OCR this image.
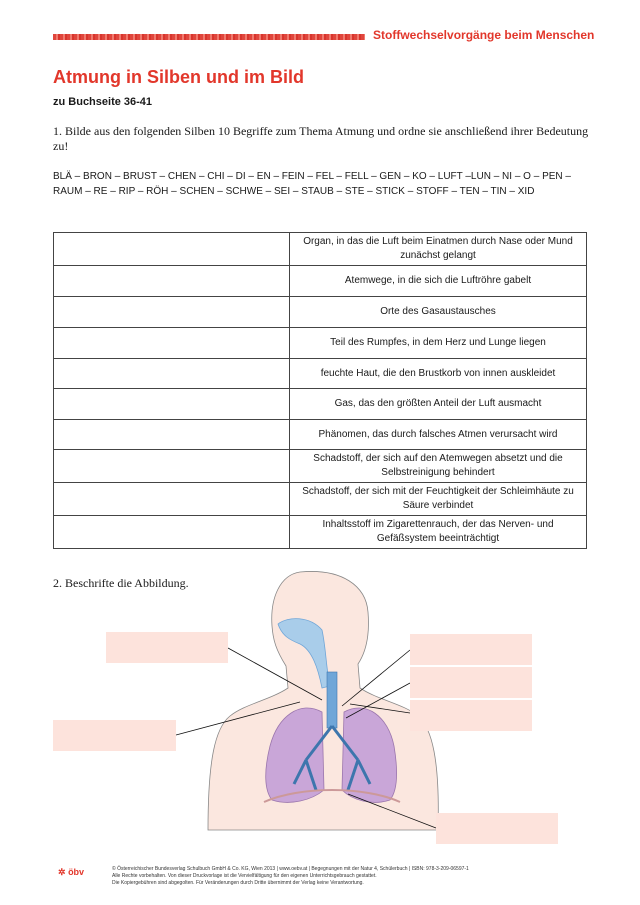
Stoffwechselvorgänge beim Menschen
Atmung in Silben und im Bild
zu Buchseite 36-41
1. Bilde aus den folgenden Silben 10 Begriffe zum Thema Atmung und ordne sie anschließend ihrer Bedeutung zu!
BLÄ – BRON – BRUST – CHEN – CHI – DI – EN – FEIN – FEL – FELL – GEN – KO – LUFT –LUN – NI – O – PEN – RAUM – RE – RIP – RÖH – SCHEN – SCHWE – SEI – STAUB – STE – STICK – STOFF – TEN – TIN – XID
	Organ, in das die Luft beim Einatmen durch Nase oder Mund zunächst gelangt
	Atemwege, in die sich die Luftröhre gabelt
	Orte des Gasaustausches
	Teil des Rumpfes, in dem Herz und Lunge liegen
	feuchte Haut, die den Brustkorb von innen auskleidet
	Gas, das den größten Anteil der Luft ausmacht
	Phänomen, das durch falsches Atmen verursacht wird
	Schadstoff, der sich auf den Atemwegen absetzt und die Selbstreinigung behindert
	Schadstoff, der sich mit der Feuchtigkeit der Schleimhäute zu Säure verbindet
	Inhaltsstoff im Zigarettenrauch, der das Nerven- und Gefäßsystem beeinträchtigt
2. Beschrifte die Abbildung.
✲ öbv	© Österreichischer Bundesverlag Schulbuch GmbH & Co. KG, Wien 2013 | www.oebv.at | Begegnungen mit der Natur 4, Schülerbuch | ISBN: 978-3-209-06597-1
Alle Rechte vorbehalten. Von dieser Druckvorlage ist die Vervielfältigung für den eigenen Unterrichtsgebrauch gestattet.
Die Kopiergebühren sind abgegolten. Für Veränderungen durch Dritte übernimmt der Verlag keine Verantwortung.
